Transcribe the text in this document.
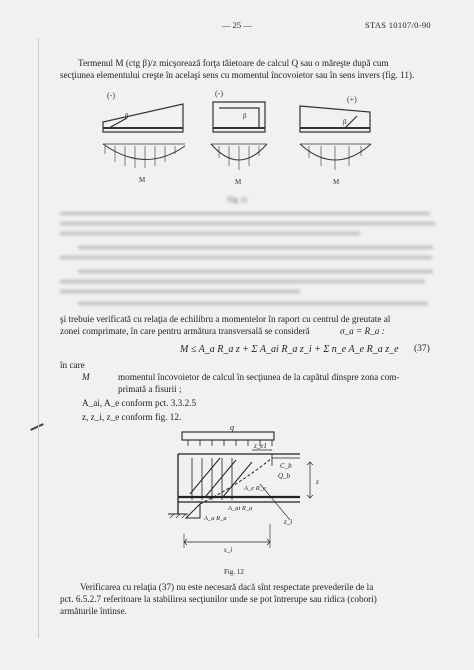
— 25 —	STAS 10107/0-90
Termenul M (ctg β)/z micşorează forţa tăietoare de calcul Q sau o măreşte după cum
secţiunea elementului creşte în acelaşi sens cu momentul încovoietor sau în sens invers (fig. 11).
(-)	(-)
(+)
β	β
β
M	M	M
Fig. 11
şi trebuie verificată cu relaţia de echilibru a momentelor în raport cu centrul de greutate al
zonei comprimate, în care pentru armătura transversală se consideră	σ_a = R_a :
M ≤ A_a R_a z + Σ A_ai R_a z_i + Σ n_e A_e R_a z_e (37)
în care
M	momentul încovoietor de calcul în secţiunea de la capătul dinspre zona com-
primată a fisurii ;
A_ai, A_e conform pct. 3.3.2.5
z, z_i, z_e conform fig. 12.
q
z_e1
C_b
Q_b
z
z_i
s_i
A_e R_e
A_ai R_a
A_a R_a
Fig. 12
Verificarea cu relaţia (37) nu este necesară dacă sînt respectate prevederile de la
pct. 6.5.2.7 referitoare la stabilirea secţiunilor unde se pot întrerupe sau ridica (cobori)
armăturile întinse.
